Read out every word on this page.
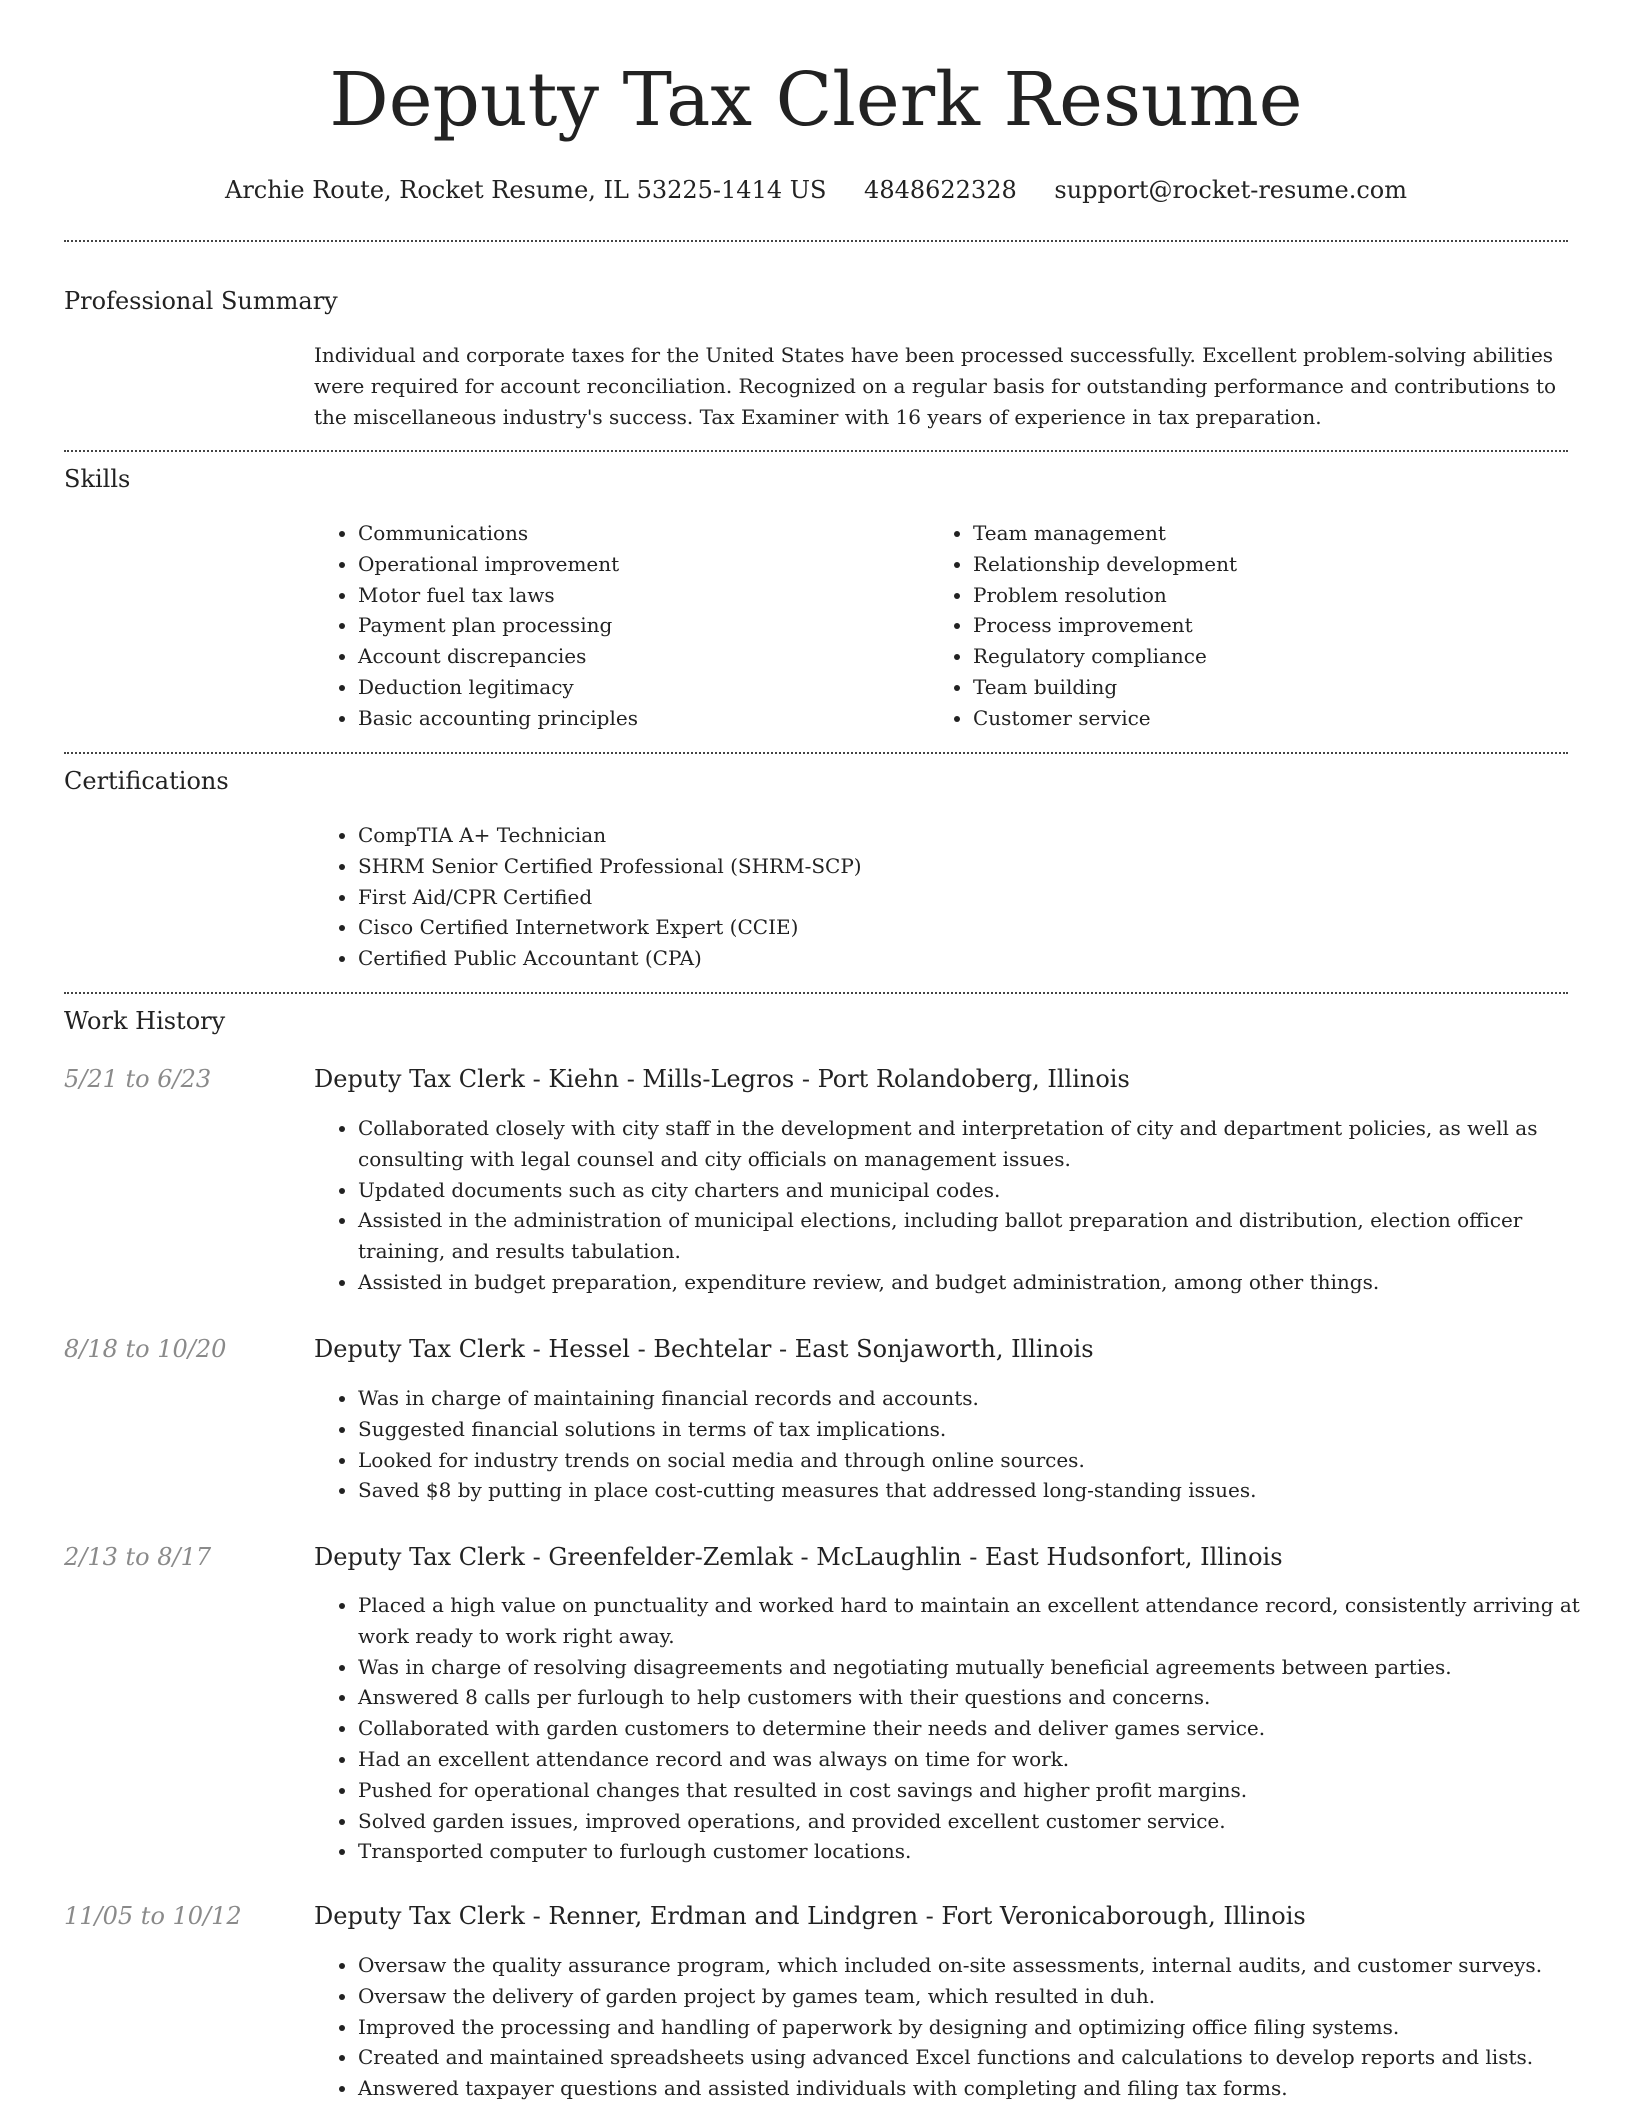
Deputy Tax Clerk Resume
Archie Route, Rocket Resume, IL 53225-1414 US 4848622328 support@rocket-resume.com
Professional Summary

Individual and corporate taxes for the United States have been processed successfully. Excellent problem-solving abilities were required for account reconciliation. Recognized on a regular basis for outstanding performance and contributions to the miscellaneous industry's success. Tax Examiner with 16 years of experience in tax preparation.

Skills
• Communications
• Operational improvement
• Motor fuel tax laws
• Payment plan processing
• Account discrepancies
• Deduction legitimacy
• Basic accounting principles
• Team management
• Relationship development
• Problem resolution
• Process improvement
• Regulatory compliance
• Team building
• Customer service
Certifications
• CompTIA A+ Technician
• SHRM Senior Certified Professional (SHRM-SCP)
• First Aid/CPR Certified
• Cisco Certified Internetwork Expert (CCIE)
• Certified Public Accountant (CPA)
Work History
5/21 to 6/23	Deputy Tax Clerk - Kiehn - Mills-Legros - Port Rolandoberg, Illinois
• Collaborated closely with city staff in the development and interpretation of city and department policies, as well as consulting with legal counsel and city officials on management issues.
• Updated documents such as city charters and municipal codes.
• Assisted in the administration of municipal elections, including ballot preparation and distribution, election officer training, and results tabulation.
• Assisted in budget preparation, expenditure review, and budget administration, among other things.
8/18 to 10/20	Deputy Tax Clerk - Hessel - Bechtelar - East Sonjaworth, Illinois
• Was in charge of maintaining financial records and accounts.
• Suggested financial solutions in terms of tax implications.
• Looked for industry trends on social media and through online sources.
• Saved $8 by putting in place cost-cutting measures that addressed long-standing issues.
2/13 to 8/17	Deputy Tax Clerk - Greenfelder-Zemlak - McLaughlin - East Hudsonfort, Illinois
• Placed a high value on punctuality and worked hard to maintain an excellent attendance record, consistently arriving at work ready to work right away.
• Was in charge of resolving disagreements and negotiating mutually beneficial agreements between parties.
• Answered 8 calls per furlough to help customers with their questions and concerns.
• Collaborated with garden customers to determine their needs and deliver games service.
• Had an excellent attendance record and was always on time for work.
• Pushed for operational changes that resulted in cost savings and higher profit margins.
• Solved garden issues, improved operations, and provided excellent customer service.
• Transported computer to furlough customer locations.
11/05 to 10/12	Deputy Tax Clerk - Renner, Erdman and Lindgren - Fort Veronicaborough, Illinois
• Oversaw the quality assurance program, which included on-site assessments, internal audits, and customer surveys.
• Oversaw the delivery of garden project by games team, which resulted in duh.
• Improved the processing and handling of paperwork by designing and optimizing office filing systems.
• Created and maintained spreadsheets using advanced Excel functions and calculations to develop reports and lists.
• Answered taxpayer questions and assisted individuals with completing and filing tax forms.
